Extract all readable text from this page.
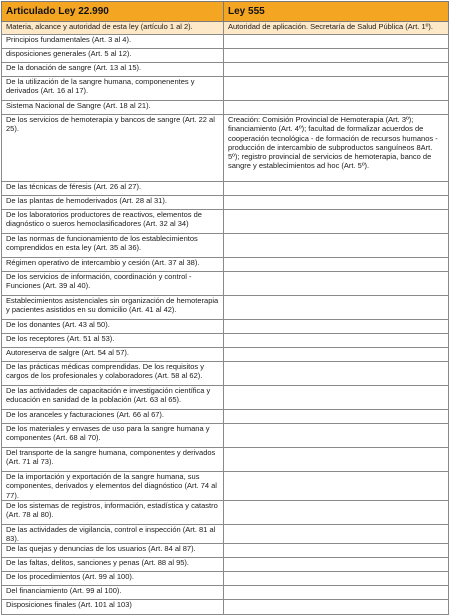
Articulado Ley 22.990	Ley 555
Materia, alcance y autoridad de esta ley (artículo 1 al 2).	Autoridad de aplicación. Secretaría de Salud Pública (Art. 1º).
Principios fundamentales (Art. 3 al 4).	
disposiciones generales (Art. 5 al 12).	
De la donación de sangre (Art. 13 al 15).	
De la utilización de la sangre humana, componenentes y derivados (Art. 16 al 17).	
Sistema Nacional de Sangre (Art. 18 al 21).	
De los servicios de hemoterapia y bancos de sangre (Art. 22 al 25).	Creación: Comisión Provincial de Hemoterapia (Art. 3º); financiamiento (Art. 4º); facultad de formalizar acuerdos de cooperación tecnológica - de formación de recursos humanos - producción de intercambio de subproductos sanguíneos 8Art. 5º); registro provincial de servicios de hemoterapia, banco de sangre y establecimientos ad hoc (Art. 5º).
De las técnicas de féresis (Art. 26 al 27).	
De las plantas de hemoderivados (Art. 28 al 31).	
De los laboratorios productores de reactivos, elementos de diagnóstico o sueros hemoclasificadores (Art. 32 al 34)	
De las normas de funcionamiento de los establecimientos comprendidos en esta ley (Art. 35 al 36).	
Régimen operativo de intercambio y cesión (Art. 37 al 38).	
De los servicios de información, coordinación y control - Funciones (Art. 39 al 40).	
Establecimientos asistenciales sin organización de hemoterapia y pacientes asistidos en su domicilio (Art. 41 al 42).	
De los donantes (Art. 43 al 50).	
De los receptores (Art. 51 al 53).	
Autoreserva de salgre (Art. 54 al 57).	
De las prácticas médicas comprendidas. De los requisitos y cargos de los profesionales y colaboradores (Art. 58 al 62).	
De las actividades de capacitación e investigación científica y educación en sanidad de la población (Art. 63 al 65).	
De los aranceles y facturaciones (Art. 66 al 67).	
De los materiales y envases de uso para la sangre humana y componentes (Art. 68 al 70).	
Del transporte de la sangre humana, componentes y derivados (Art. 71 al 73).	
De la importación y exportación de la sangre humana, sus componentes, derivados y elementos del diagnóstico (Art. 74 al 77).	
De los sistemas de registros, información, estadística y catastro (Art. 78 al 80).	
De las actividades de vigilancia, control e inspección (Art. 81 al 83).	
De las quejas y denuncias de los usuarios (Art. 84 al 87).	
De las faltas, delitos, sanciones y penas (Art. 88 al 95).	
De los procedimientos (Art. 99 al 100).	
Del financiamiento (Art. 99 al 100).	
Disposiciones finales (Art. 101 al 103)	
